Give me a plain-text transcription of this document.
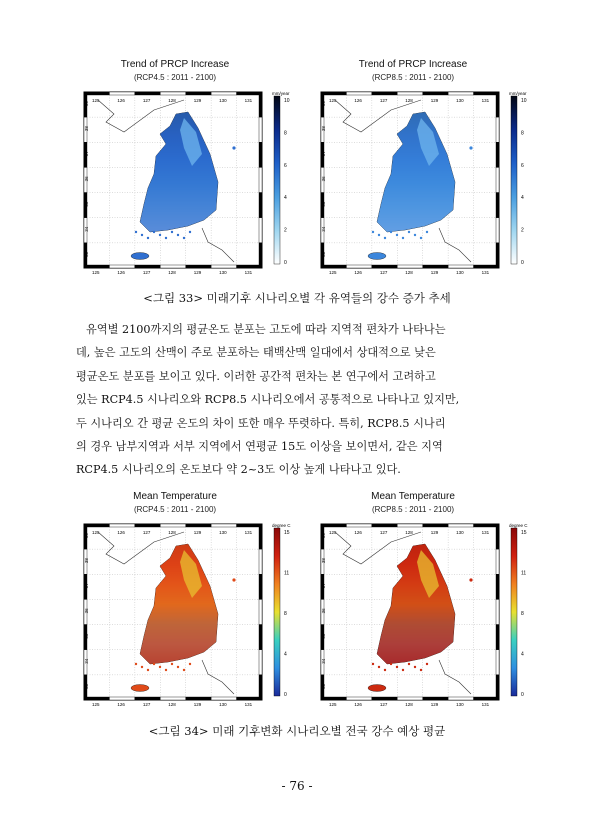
Trend of PRCP Increase
(RCP4.5 : 2011 - 2100)
Trend of PRCP Increase
(RCP8.5 : 2011 - 2100)
125
125
126
126
127
127
128
128
129
129
130
130
131
131
39
38
37
36
35
34
33
mm/year
10
8
6
4
2
0
125
125
126
126
127
127
128
128
129
129
130
130
131
131
39
38
37
36
35
34
33
mm/year
10
8
6
4
2
0
<그림 33> 미래기후 시나리오별 각 유역들의 강수 증가 추세
유역별 2100까지의 평균온도 분포는 고도에 따라 지역적 편차가 나타나는
데, 높은 고도의 산맥이 주로 분포하는 태백산맥 일대에서 상대적으로 낮은
평균온도 분포를 보이고 있다. 이러한 공간적 편차는 본 연구에서 고려하고
있는 RCP4.5 시나리오와 RCP8.5 시나리오에서 공통적으로 나타나고 있지만,
두 시나리오 간 평균 온도의 차이 또한 매우 뚜렷하다. 특히, RCP8.5 시나리
의 경우 남부지역과 서부 지역에서 연평균 15도 이상을 보이면서, 같은 지역
RCP4.5 시나리오의 온도보다 약 2~3도 이상 높게 나타나고 있다.
Mean Temperature
(RCP4.5 : 2011 - 2100)
Mean Temperature
(RCP8.5 : 2011 - 2100)
125
125
126
126
127
127
128
128
129
129
130
130
131
131
39
38
37
36
35
34
33
degree C
15
11
8
4
0
125
125
126
126
127
127
128
128
129
129
130
130
131
131
39
38
37
36
35
34
33
degree C
15
11
8
4
0
<그림 34> 미래 기후변화 시나리오별 전국 강수 예상 평균
- 76 -
